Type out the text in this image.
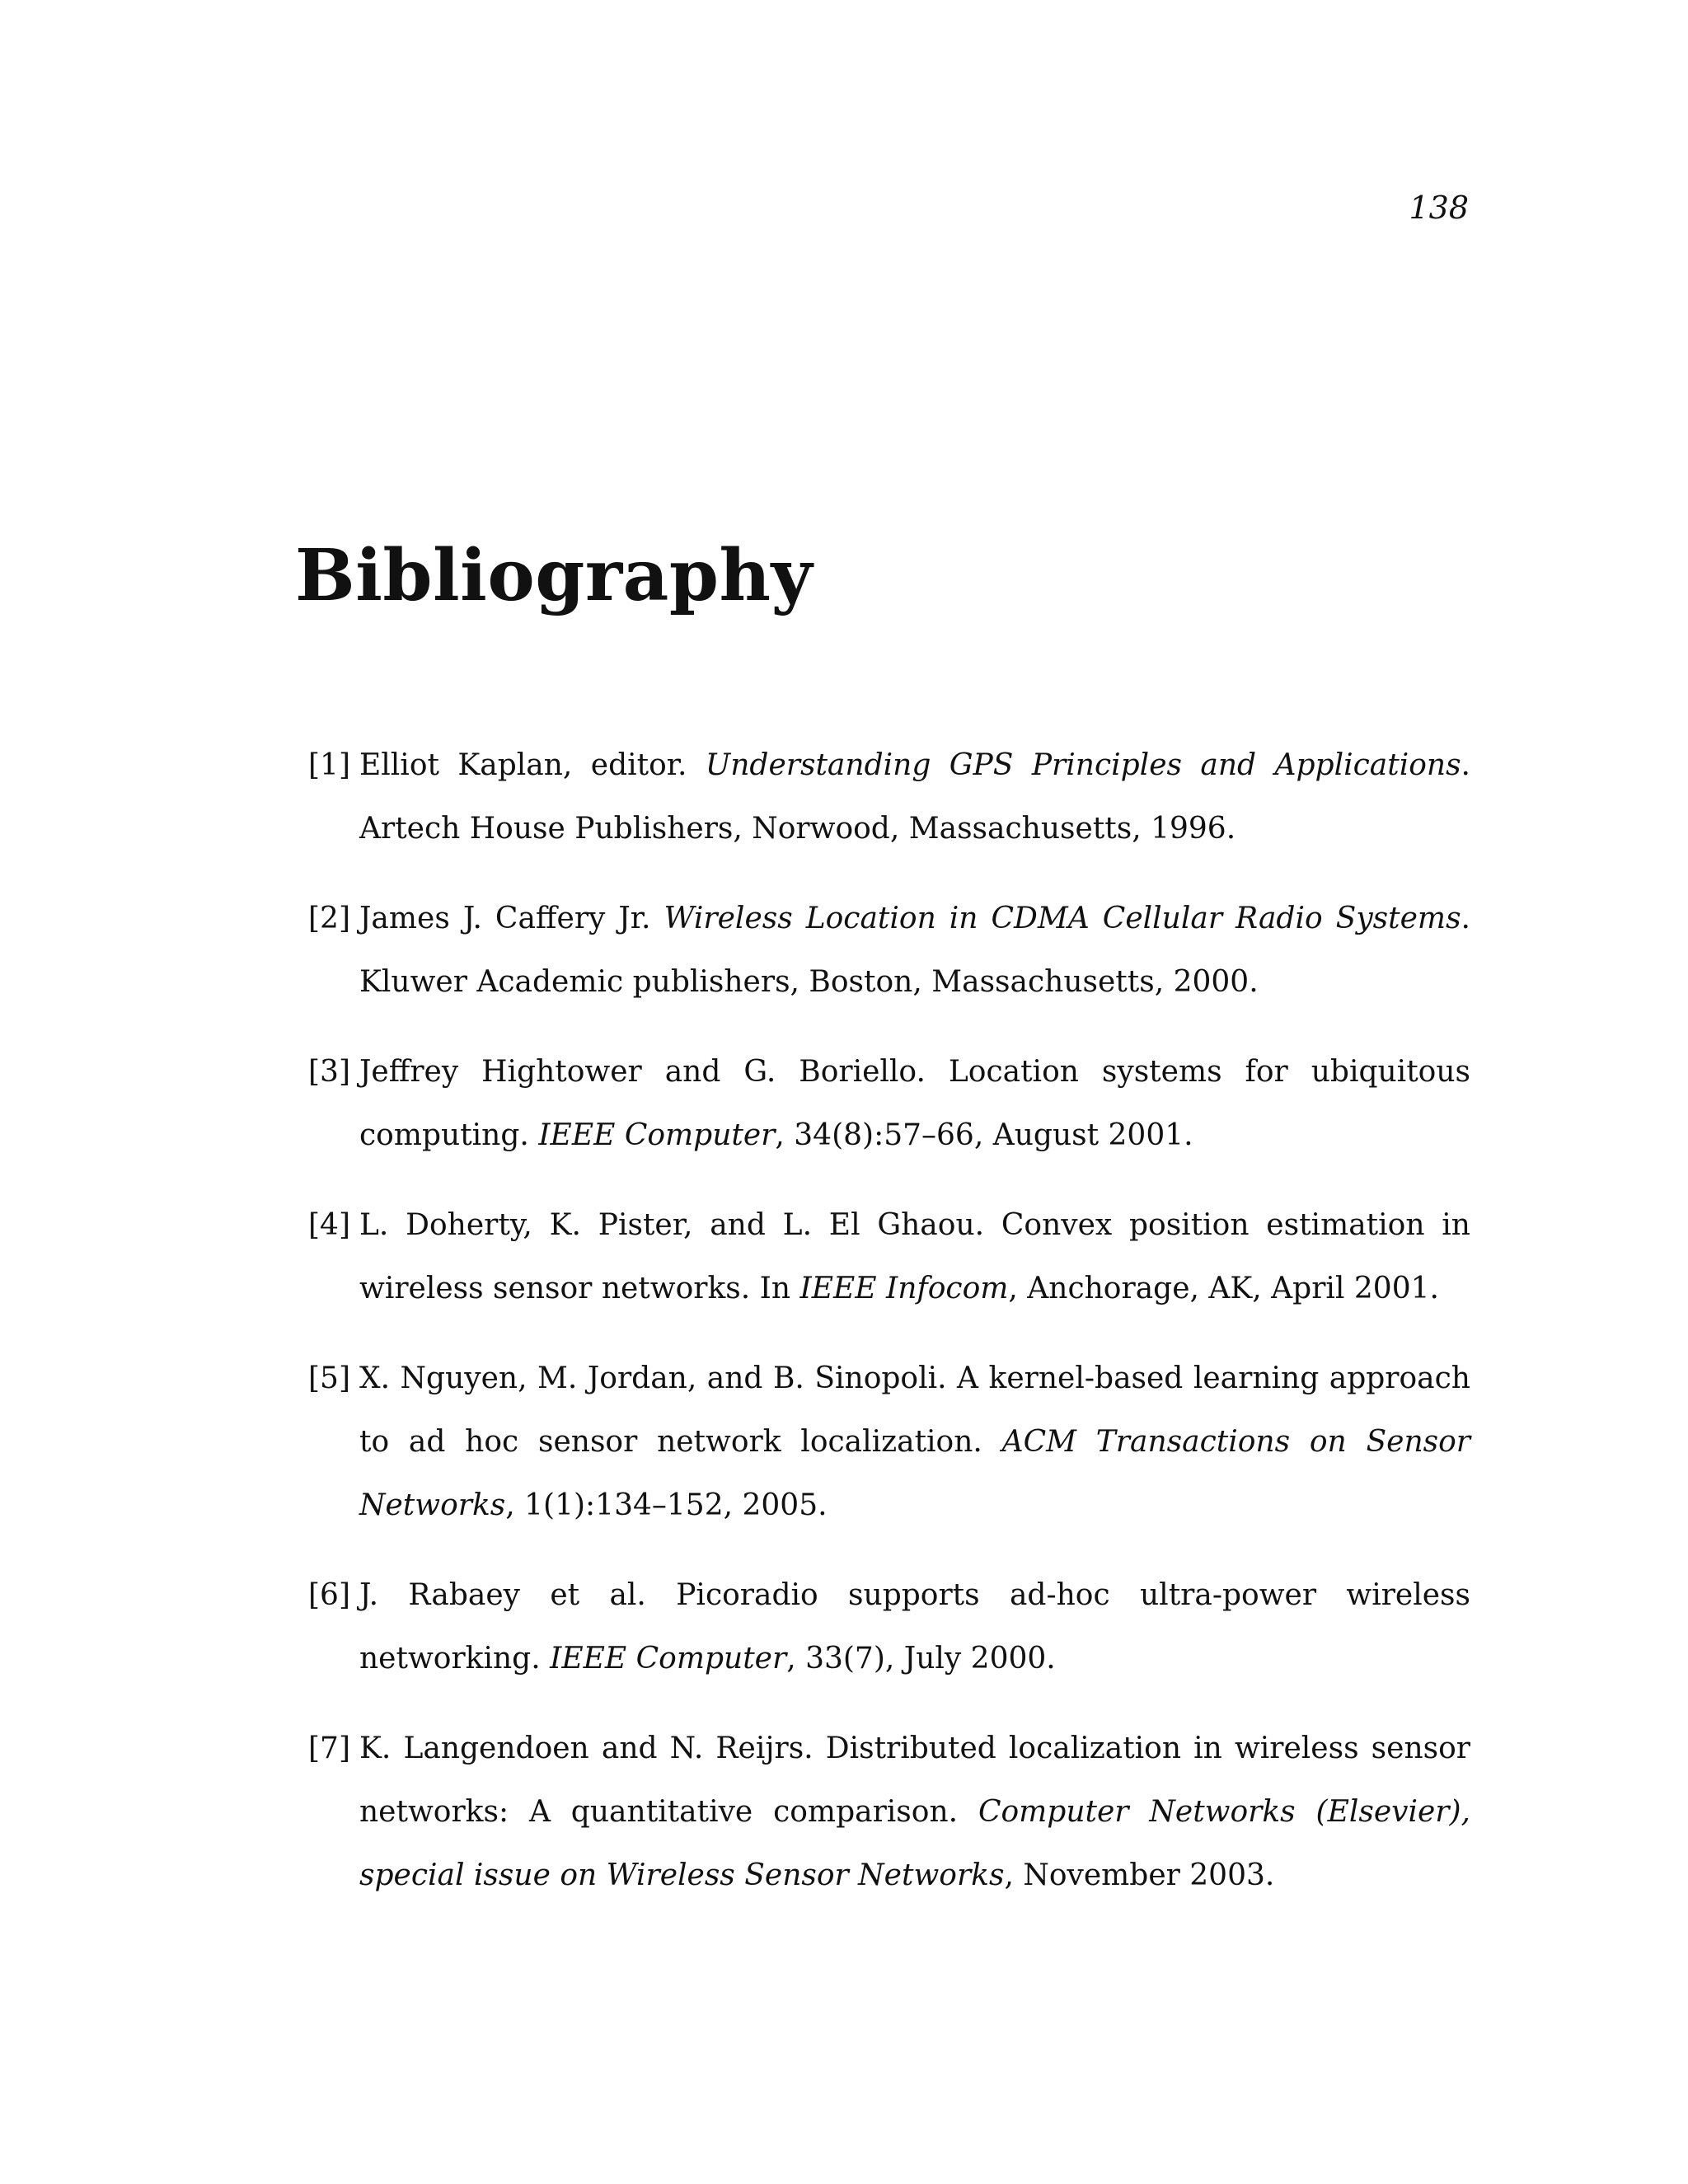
138
Bibliography
[1] Elliot Kaplan, editor. Understanding GPS Principles and Applications. Artech House Publishers, Norwood, Massachusetts, 1996.
[2] James J. Caffery Jr. Wireless Location in CDMA Cellular Radio Systems. Kluwer Academic publishers, Boston, Massachusetts, 2000.
[3] Jeffrey Hightower and G. Boriello. Location systems for ubiquitous computing. IEEE Computer, 34(8):57–66, August 2001.
[4] L. Doherty, K. Pister, and L. El Ghaou. Convex position estimation in wireless sensor networks. In IEEE Infocom, Anchorage, AK, April 2001.
[5] X. Nguyen, M. Jordan, and B. Sinopoli. A kernel-based learning approach to ad hoc sensor network localization. ACM Transactions on Sensor Networks, 1(1):134–152, 2005.
[6] J. Rabaey et al. Picoradio supports ad-hoc ultra-power wireless networking. IEEE Computer, 33(7), July 2000.
[7] K. Langendoen and N. Reijrs. Distributed localization in wireless sensor networks: A quantitative comparison. Computer Networks (Elsevier), special issue on Wireless Sensor Networks, November 2003.
